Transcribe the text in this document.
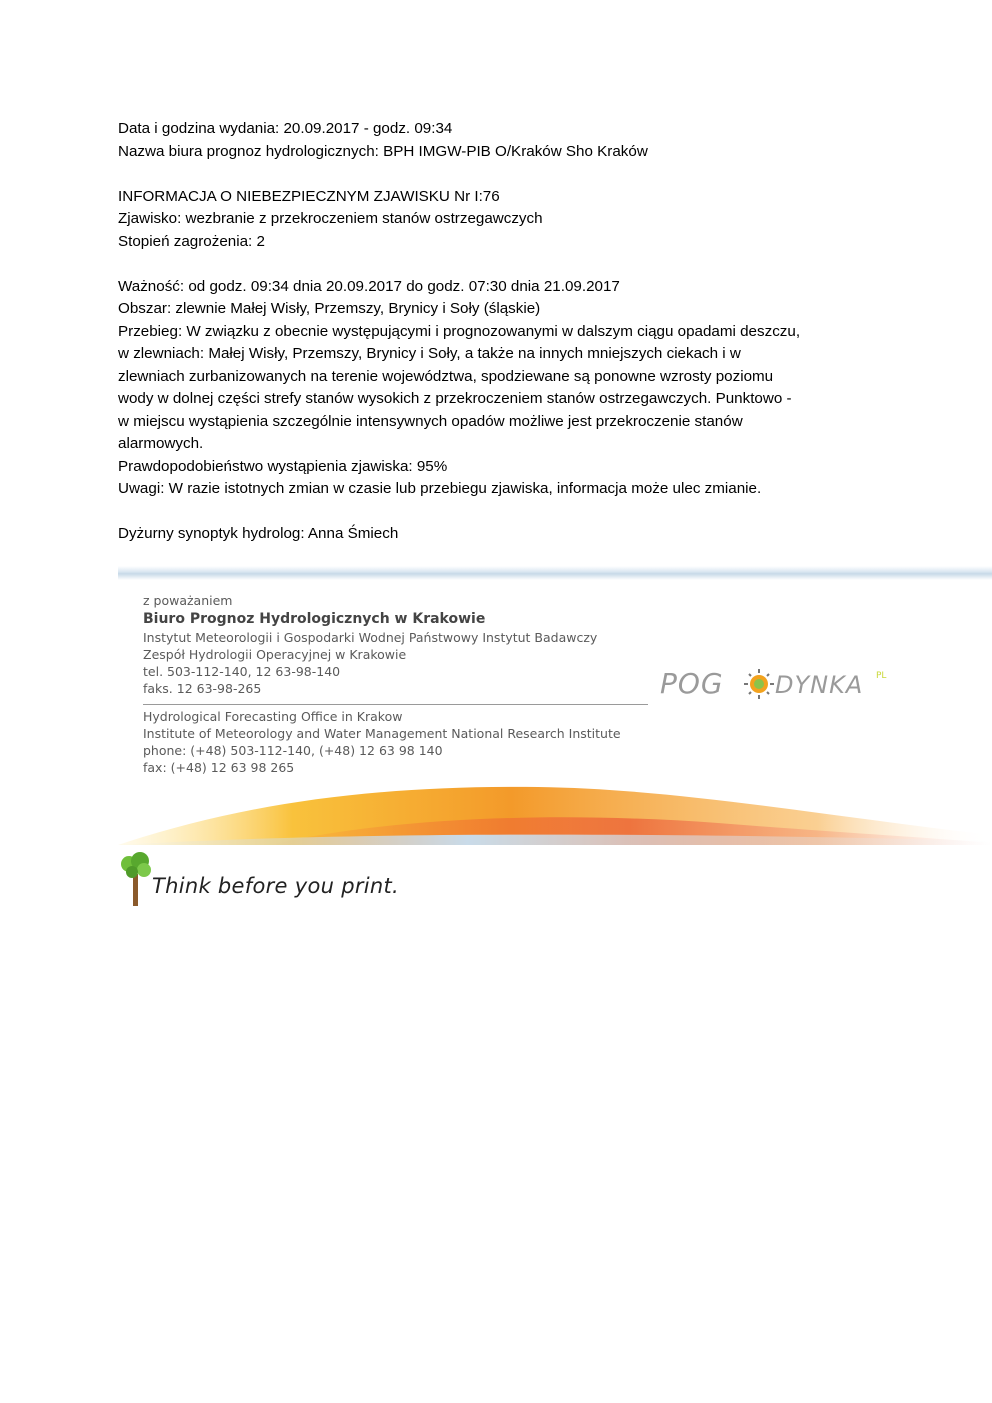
Data i godzina wydania: 20.09.2017 - godz. 09:34

Nazwa biura prognoz hydrologicznych: BPH IMGW-PIB O/Kraków Sho Kraków

INFORMACJA O NIEBEZPIECZNYM ZJAWISKU Nr I:76

Zjawisko: wezbranie z przekroczeniem stanów ostrzegawczych

Stopień zagrożenia: 2

Ważność: od godz. 09:34 dnia 20.09.2017 do godz. 07:30 dnia 21.09.2017

Obszar: zlewnie Małej Wisły, Przemszy, Brynicy i Soły (śląskie)

Przebieg: W związku z obecnie występującymi i prognozowanymi w dalszym ciągu opadami deszczu,

w zlewniach: Małej Wisły, Przemszy, Brynicy i Soły, a także na innych mniejszych ciekach i w

zlewniach zurbanizowanych na terenie województwa, spodziewane są ponowne wzrosty poziomu

wody w dolnej części strefy stanów wysokich z przekroczeniem stanów ostrzegawczych. Punktowo -

w miejscu wystąpienia szczególnie intensywnych opadów możliwe jest przekroczenie stanów

alarmowych.

Prawdopodobieństwo wystąpienia zjawiska: 95%

Uwagi: W razie istotnych zmian w czasie lub przebiegu zjawiska, informacja może ulec zmianie.

Dyżurny synoptyk hydrolog: Anna Śmiech

z poważaniem
Biuro Prognoz Hydrologicznych w Krakowie
Instytut Meteorologii i Gospodarki Wodnej Państwowy Instytut Badawczy
Zespół Hydrologii Operacyjnej w Krakowie
tel. 503-112-140, 12 63-98-140
faks. 12 63-98-265
Hydrological Forecasting Office in Krakow
Institute of Meteorology and Water Management National Research Institute
phone: (+48) 503-112-140, (+48) 12 63 98 140
fax: (+48) 12 63 98 265
POG DYNKA PL
Think before you print.
